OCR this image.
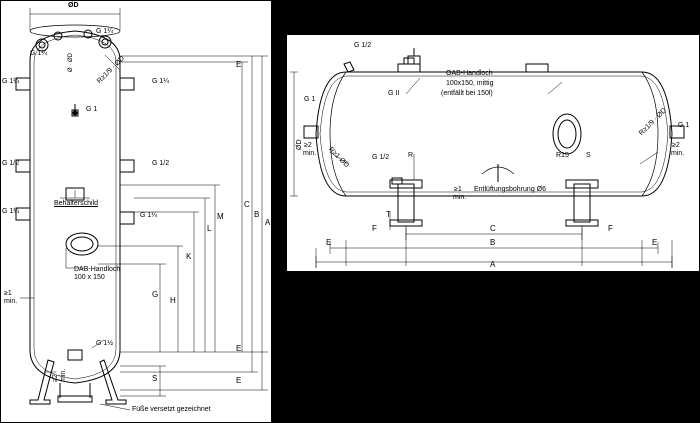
ØD
G 1¼
G 1/2
G 1¼
G 1¼
G 1/2
G 1¼
G 1¼
G 1¼
G 1
G 1½
R≥1/9 · ØD
Ø · ØD
Behälterschild
DAB-Handloch
100 x 150
≥1
min.
≥2 min.
Füße versetzt gezeichnet
A
B
C
M
L
K
H
G
S
E
E
E
ØD
G 1/2
G 1
G 1
G II
G 1/2
OAB-Handloch
100x150, mittig
(entfällt bei 150l)
Entlüftungsbohrung Ø6
R≥1/9 · ØD
R≥1·ØD	R	R15 S
≥2
min.
≥2
min.
≥1
min.
A
B
C
E	E
F	F
T
